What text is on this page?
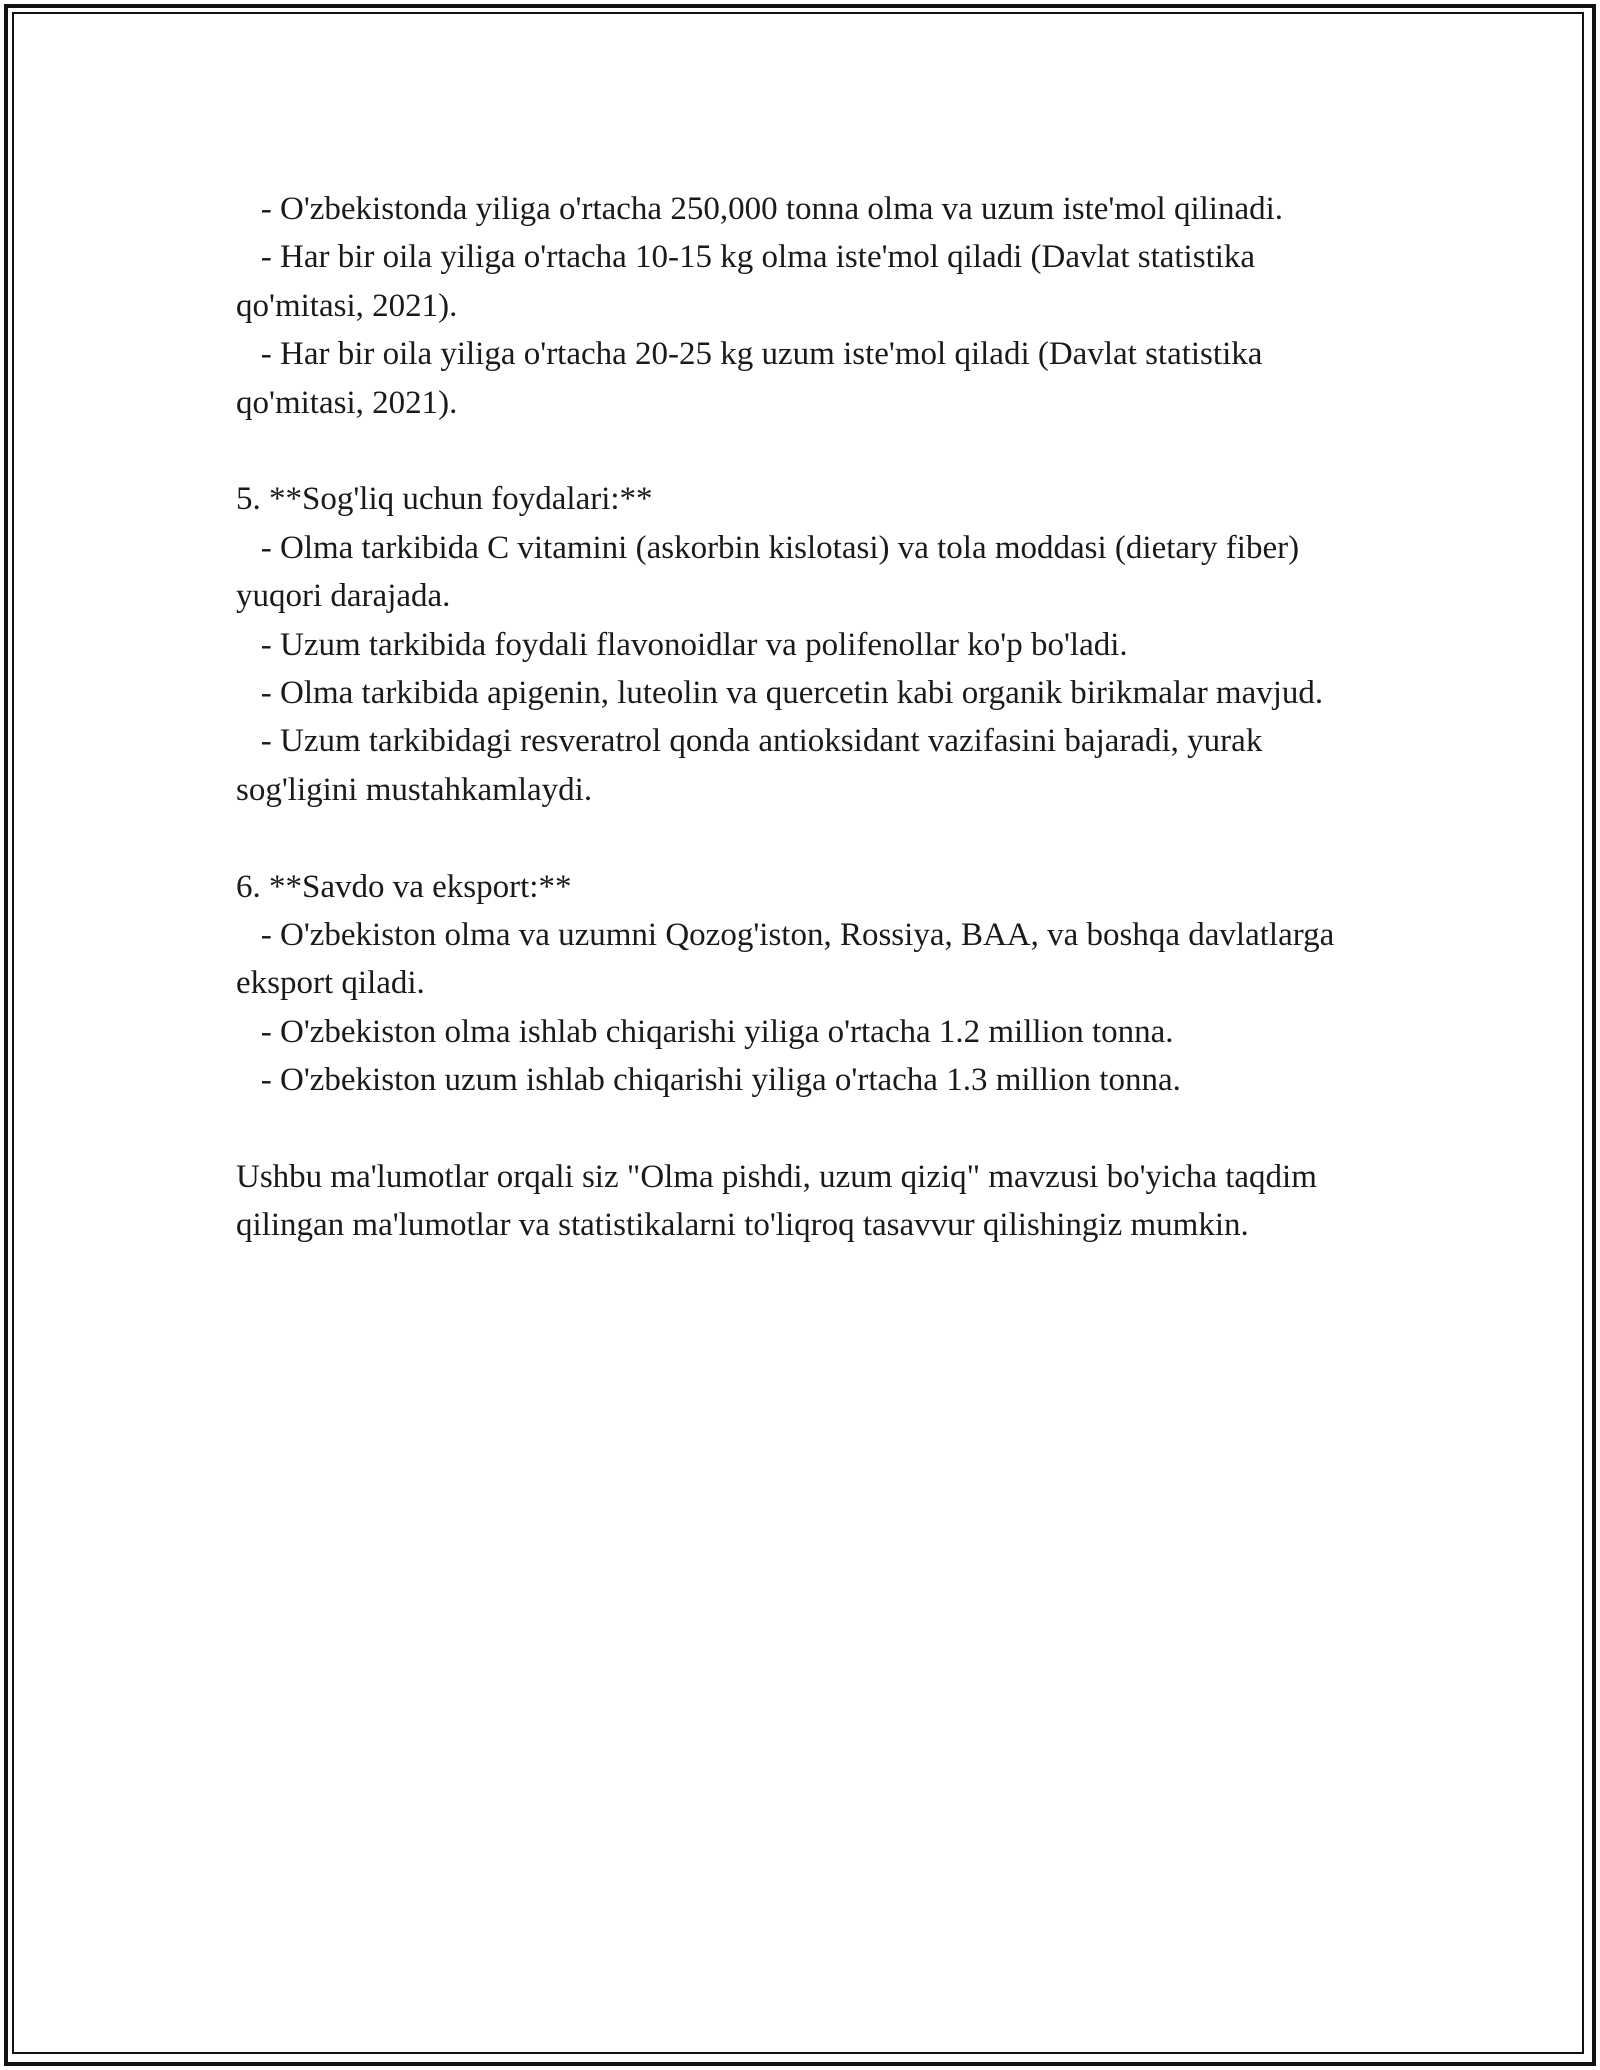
- O'zbekistonda yiliga o'rtacha 250,000 tonna olma va uzum iste'mol qilinadi.

- Har bir oila yiliga o'rtacha 10-15 kg olma iste'mol qiladi (Davlat statistika qo'mitasi, 2021).

- Har bir oila yiliga o'rtacha 20-25 kg uzum iste'mol qiladi (Davlat statistika qo'mitasi, 2021).

5. **Sog'liq uchun foydalari:**

- Olma tarkibida C vitamini (askorbin kislotasi) va tola moddasi (dietary fiber) yuqori darajada.

- Uzum tarkibida foydali flavonoidlar va polifenollar ko'p bo'ladi.

- Olma tarkibida apigenin, luteolin va quercetin kabi organik birikmalar mavjud.

- Uzum tarkibidagi resveratrol qonda antioksidant vazifasini bajaradi, yurak sog'ligini mustahkamlaydi.

6. **Savdo va eksport:**

- O'zbekiston olma va uzumni Qozog'iston, Rossiya, BAA, va boshqa davlatlarga eksport qiladi.

- O'zbekiston olma ishlab chiqarishi yiliga o'rtacha 1.2 million tonna.

- O'zbekiston uzum ishlab chiqarishi yiliga o'rtacha 1.3 million tonna.

Ushbu ma'lumotlar orqali siz "Olma pishdi, uzum qiziq" mavzusi bo'yicha taqdim qilingan ma'lumotlar va statistikalarni to'liqroq tasavvur qilishingiz mumkin.
